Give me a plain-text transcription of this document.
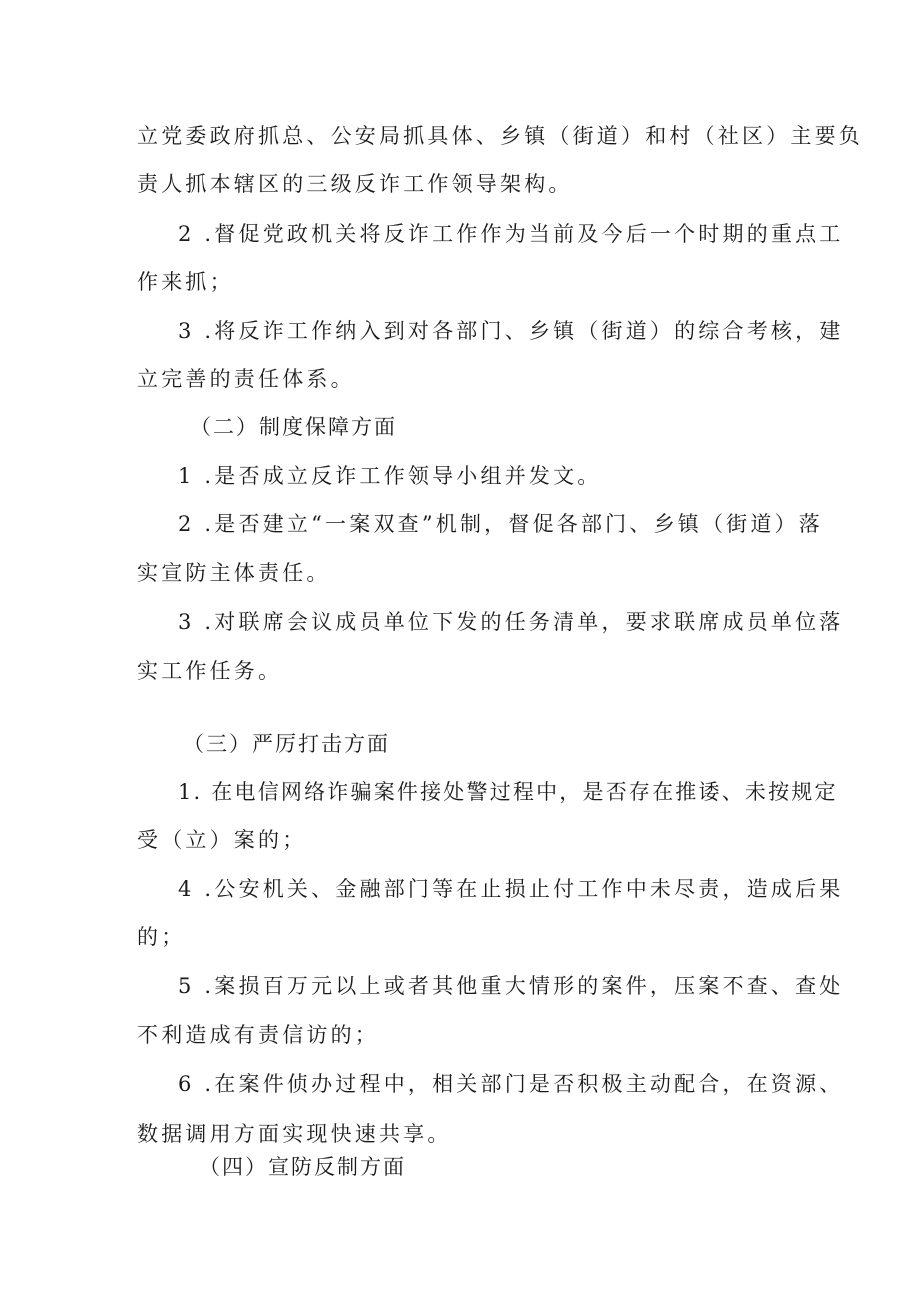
立党委政府抓总、公安局抓具体、乡镇（街道）和村（社区）主要负
责人抓本辖区的三级反诈工作领导架构。
2 .督促党政机关将反诈工作作为当前及今后一个时期的重点工
作来抓；
3 .将反诈工作纳入到对各部门、乡镇（街道）的综合考核，建
立完善的责任体系。
（二）制度保障方面
1 .是否成立反诈工作领导小组并发文。
2 .是否建立“一案双查”机制，督促各部门、乡镇（街道）落
实宣防主体责任。
3 .对联席会议成员单位下发的任务清单，要求联席成员单位落
实工作任务。
（三）严厉打击方面
1. 在电信网络诈骗案件接处警过程中，是否存在推诿、未按规定
受（立）案的；
4 .公安机关、金融部门等在止损止付工作中未尽责，造成后果
的；
5 .案损百万元以上或者其他重大情形的案件，压案不查、查处
不利造成有责信访的；
6 .在案件侦办过程中，相关部门是否积极主动配合，在资源、
数据调用方面实现快速共享。
（四）宣防反制方面
